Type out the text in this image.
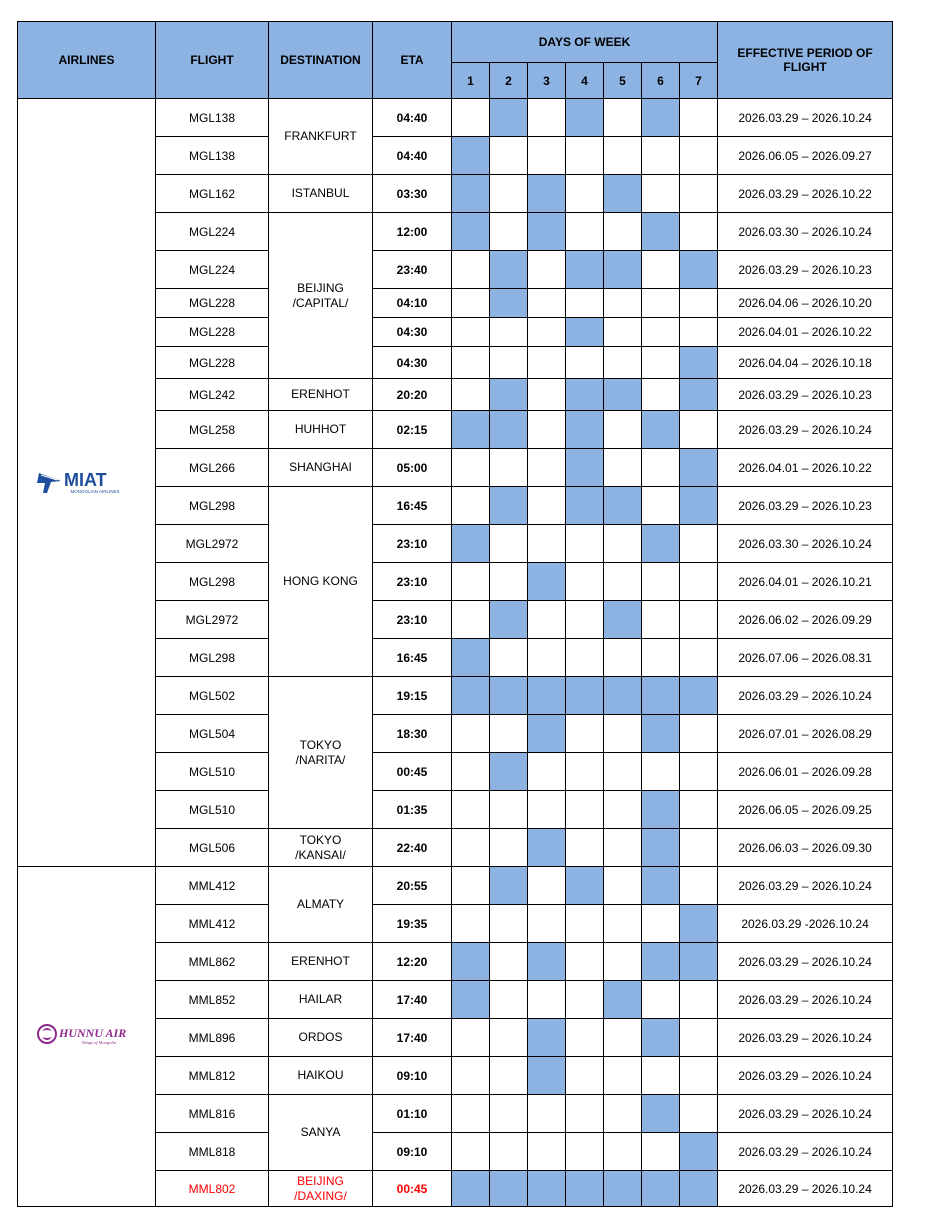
AIRLINES	FLIGHT	DESTINATION	ETA	DAYS OF WEEK							EFFECTIVE PERIOD OF FLIGHT
				1	2	3	4	5	6	7	

MIAT
MONGOLIAN AIRLINES	MGL138	FRANKFURT	04:40								2026.03.29 – 2026.10.24
	MGL138		04:40								2026.06.05 – 2026.09.27
	MGL162	ISTANBUL	03:30								2026.03.29 – 2026.10.22
	MGL224	BEIJING
/CAPITAL/	12:00								2026.03.30 – 2026.10.24
	MGL224		23:40								2026.03.29 – 2026.10.23
	MGL228		04:10								2026.04.06 – 2026.10.20
	MGL228		04:30								2026.04.01 – 2026.10.22
	MGL228		04:30								2026.04.04 – 2026.10.18
	MGL242	ERENHOT	20:20								2026.03.29 – 2026.10.23
	MGL258	HUHHOT	02:15								2026.03.29 – 2026.10.24
	MGL266	SHANGHAI	05:00								2026.04.01 – 2026.10.22
	MGL298	HONG KONG	16:45								2026.03.29 – 2026.10.23
	MGL2972		23:10								2026.03.30 – 2026.10.24
	MGL298		23:10								2026.04.01 – 2026.10.21
	MGL2972		23:10								2026.06.02 – 2026.09.29
	MGL298		16:45								2026.07.06 – 2026.08.31
	MGL502	TOKYO
/NARITA/	19:15								2026.03.29 – 2026.10.24
	MGL504		18:30								2026.07.01 – 2026.08.29
	MGL510		00:45								2026.06.01 – 2026.09.28
	MGL510		01:35								2026.06.05 – 2026.09.25
	MGL506	TOKYO
/KANSAI/	22:40								2026.06.03 – 2026.09.30

HUNNU AIR
Wings of Mongolia	MML412	ALMATY	20:55								2026.03.29 – 2026.10.24
	MML412		19:35								2026.03.29 -2026.10.24
	MML862	ERENHOT	12:20								2026.03.29 – 2026.10.24
	MML852	HAILAR	17:40								2026.03.29 – 2026.10.24
	MML896	ORDOS	17:40								2026.03.29 – 2026.10.24
	MML812	HAIKOU	09:10								2026.03.29 – 2026.10.24
	MML816	SANYA	01:10								2026.03.29 – 2026.10.24
	MML818		09:10								2026.03.29 – 2026.10.24
	MML802	BEIJING
/DAXING/	00:45								2026.03.29 – 2026.10.24
